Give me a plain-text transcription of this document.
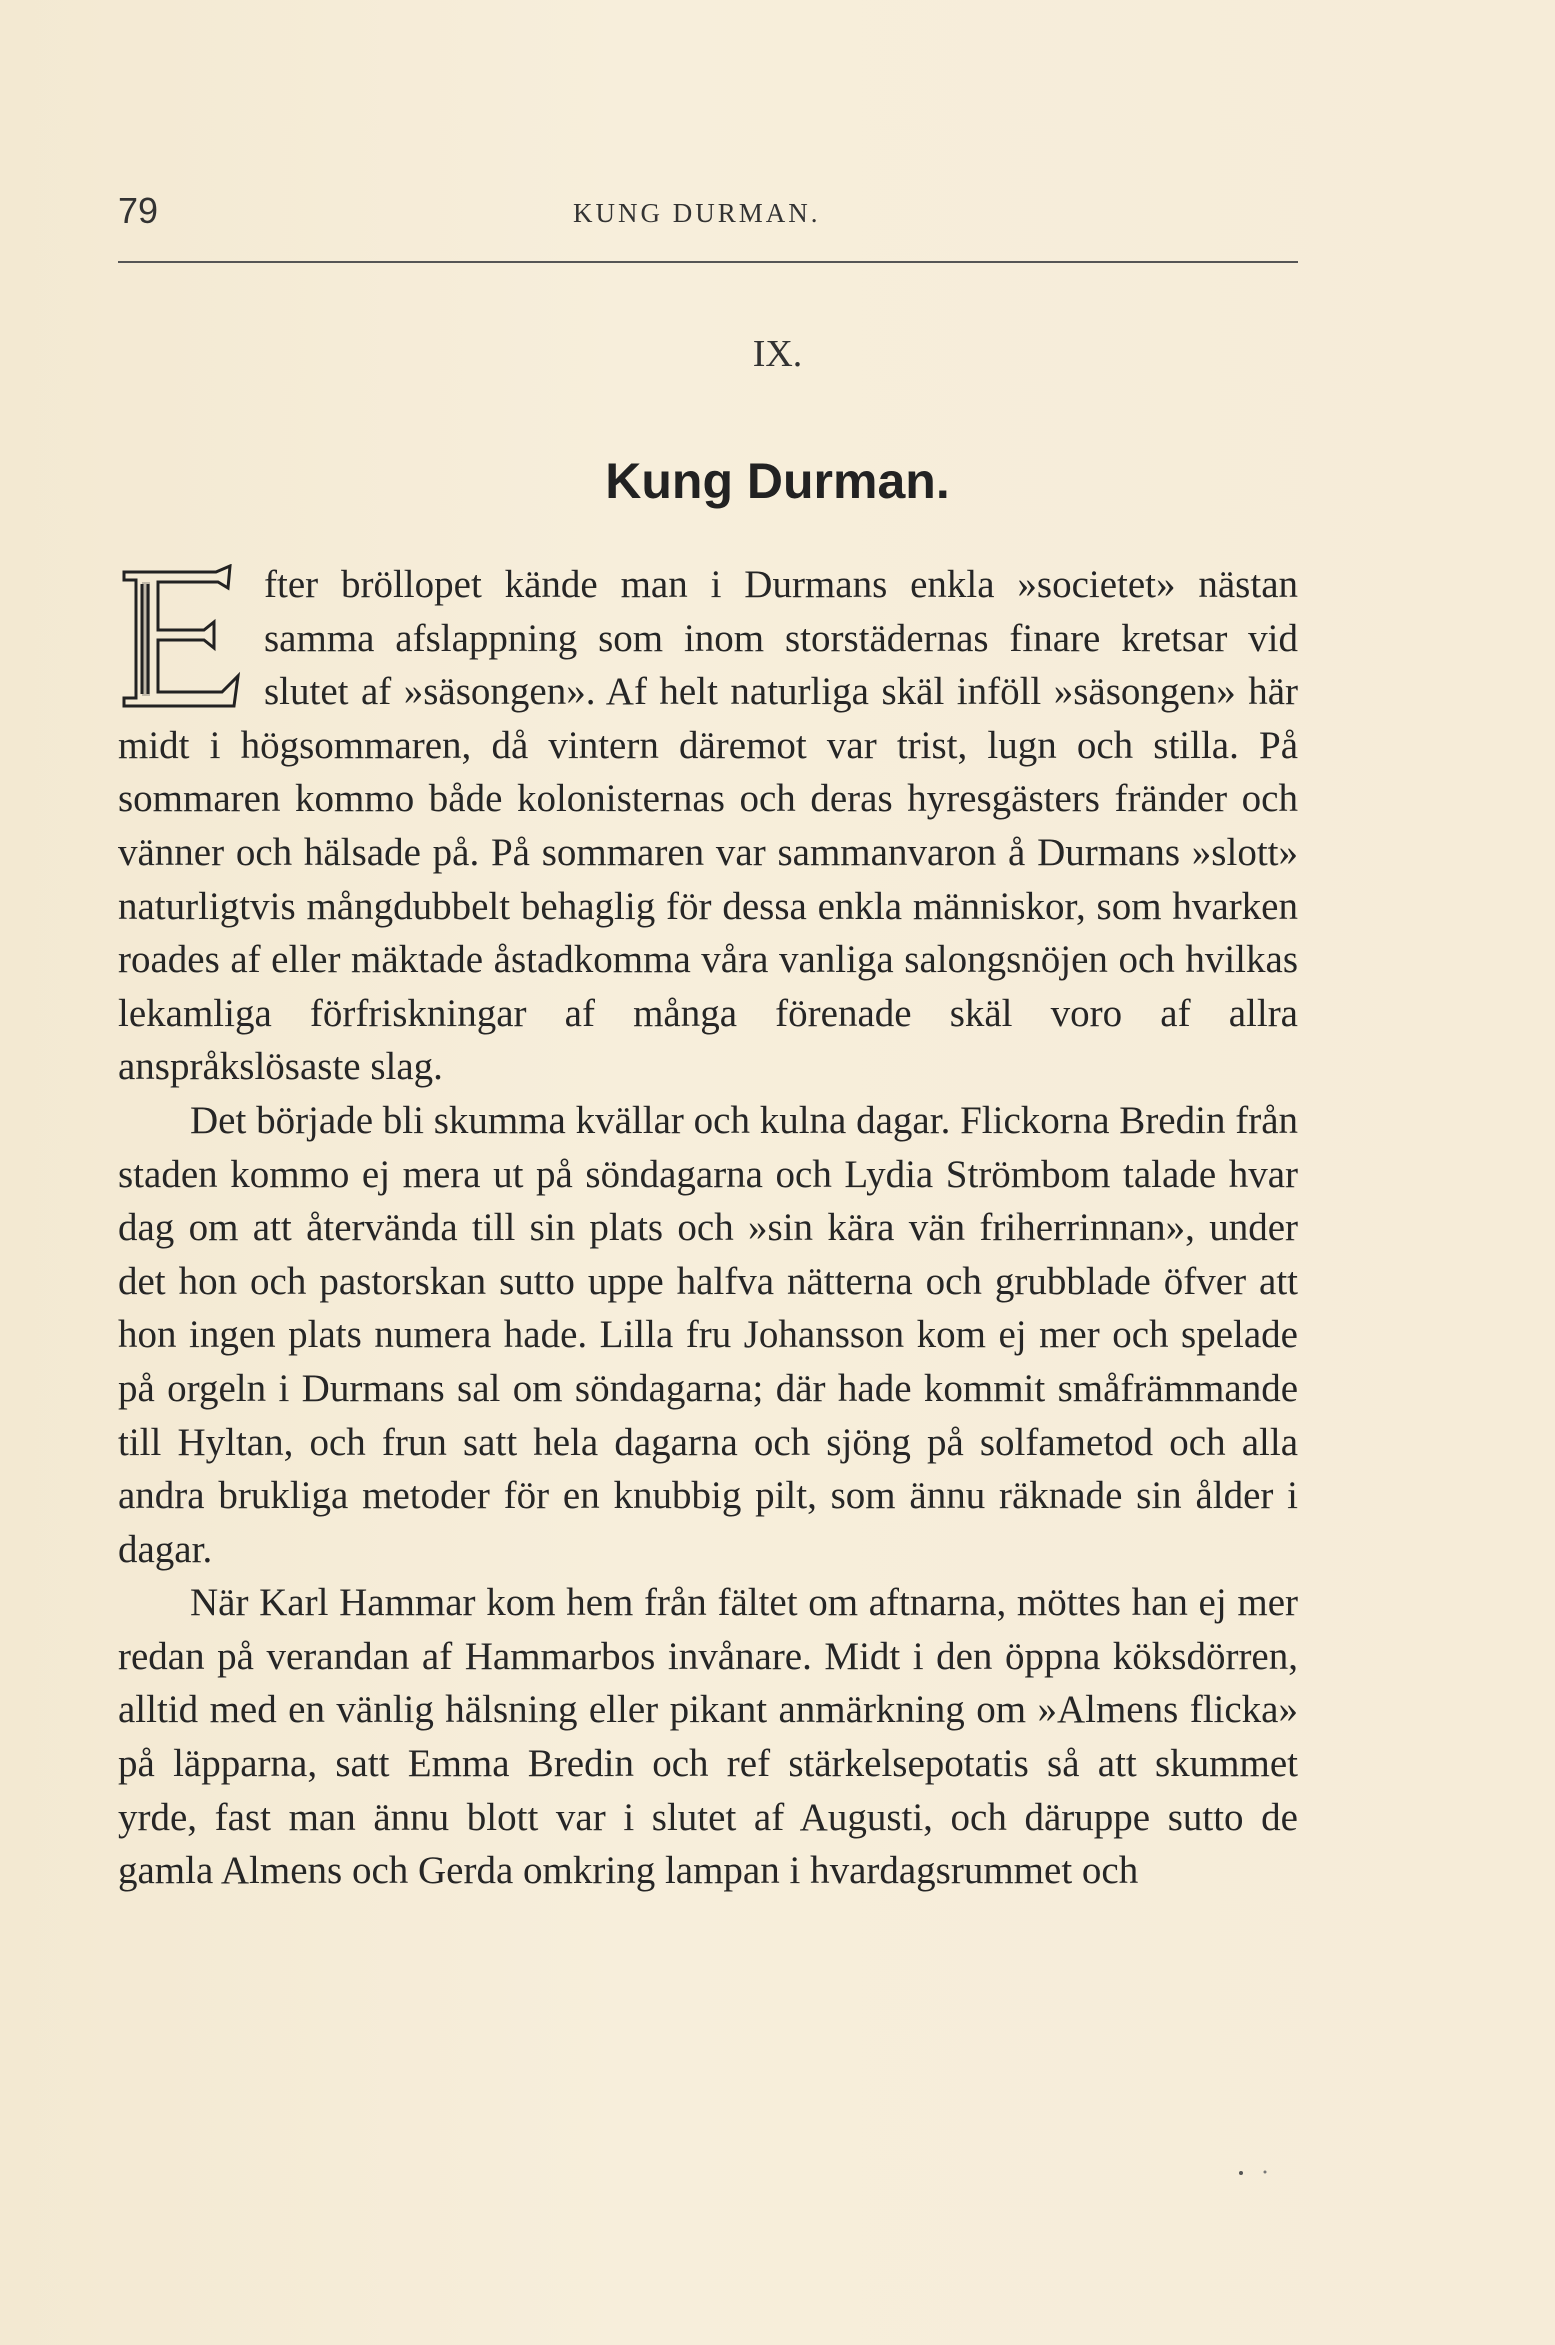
79	KUNG DURMAN.
IX.
Kung Durman.

fter bröllopet kände man i Durmans enkla »societet» nästan samma afslappning som inom storstädernas finare kretsar vid slutet af »säsongen». Af helt naturliga skäl inföll »säsongen» här midt i högsommaren, då vintern däremot var trist, lugn och stilla. På sommaren kommo både kolonisternas och deras hyresgästers fränder och vänner och hälsade på. På sommaren var sammanvaron å Durmans »slott» naturligtvis mångdubbelt behaglig för dessa enkla människor, som hvarken roades af eller mäktade åstadkomma våra vanliga salongsnöjen och hvilkas lekamliga förfriskningar af många förenade skäl voro af allra anspråkslösaste slag.

Det började bli skumma kvällar och kulna dagar. Flickorna Bredin från staden kommo ej mera ut på söndagarna och Lydia Strömbom talade hvar dag om att återvända till sin plats och »sin kära vän friherrinnan», under det hon och pastorskan sutto uppe halfva nätterna och grubblade öfver att hon ingen plats numera hade. Lilla fru Johansson kom ej mer och spelade på orgeln i Durmans sal om söndagarna; där hade kommit småfrämmande till Hyltan, och frun satt hela dagarna och sjöng på solfametod och alla andra brukliga metoder för en knubbig pilt, som ännu räknade sin ålder i dagar.

När Karl Hammar kom hem från fältet om aftnarna, möttes han ej mer redan på verandan af Hammarbos invånare. Midt i den öppna köksdörren, alltid med en vänlig hälsning eller pikant anmärkning om »Almens flicka» på läpparna, satt Emma Bredin och ref stärkelsepotatis så att skummet yrde, fast man ännu blott var i slutet af Augusti, och däruppe sutto de gamla Almens och Gerda omkring lampan i hvardagsrummet och
